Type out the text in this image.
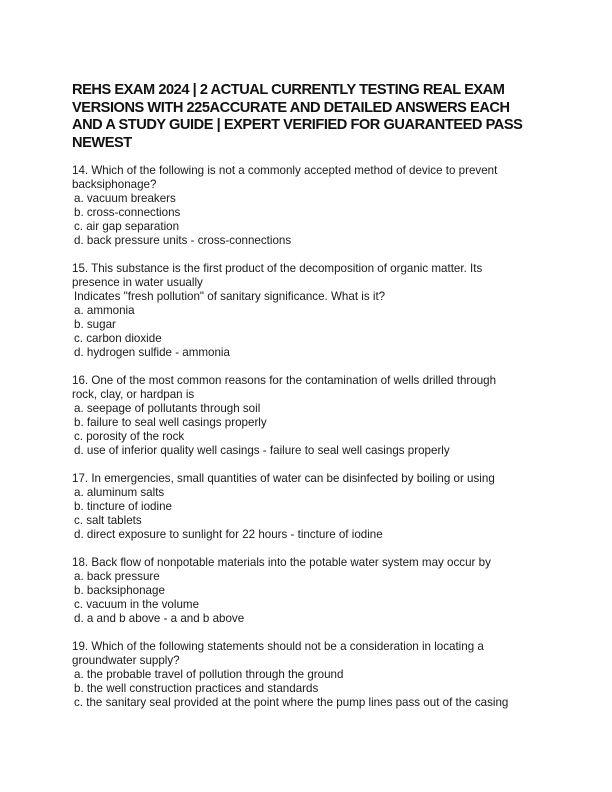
REHS EXAM 2024 | 2 ACTUAL CURRENTLY TESTING REAL EXAM
VERSIONS WITH 225ACCURATE AND DETAILED ANSWERS EACH
AND A STUDY GUIDE | EXPERT VERIFIED FOR GUARANTEED PASS
NEWEST
14. Which of the following is not a commonly accepted method of device to prevent
backsiphonage?
a. vacuum breakers
b. cross-connections
c. air gap separation
d. back pressure units - cross-connections
15. This substance is the first product of the decomposition of organic matter. Its
presence in water usually
Indicates "fresh pollution" of sanitary significance. What is it?
a. ammonia
b. sugar
c. carbon dioxide
d. hydrogen sulfide - ammonia
16. One of the most common reasons for the contamination of wells drilled through
rock, clay, or hardpan is
a. seepage of pollutants through soil
b. failure to seal well casings properly
c. porosity of the rock
d. use of inferior quality well casings - failure to seal well casings properly
17. In emergencies, small quantities of water can be disinfected by boiling or using
a. aluminum salts
b. tincture of iodine
c. salt tablets
d. direct exposure to sunlight for 22 hours - tincture of iodine
18. Back flow of nonpotable materials into the potable water system may occur by
a. back pressure
b. backsiphonage
c. vacuum in the volume
d. a and b above - a and b above
19. Which of the following statements should not be a consideration in locating a
groundwater supply?
a. the probable travel of pollution through the ground
b. the well construction practices and standards
c. the sanitary seal provided at the point where the pump lines pass out of the casing
